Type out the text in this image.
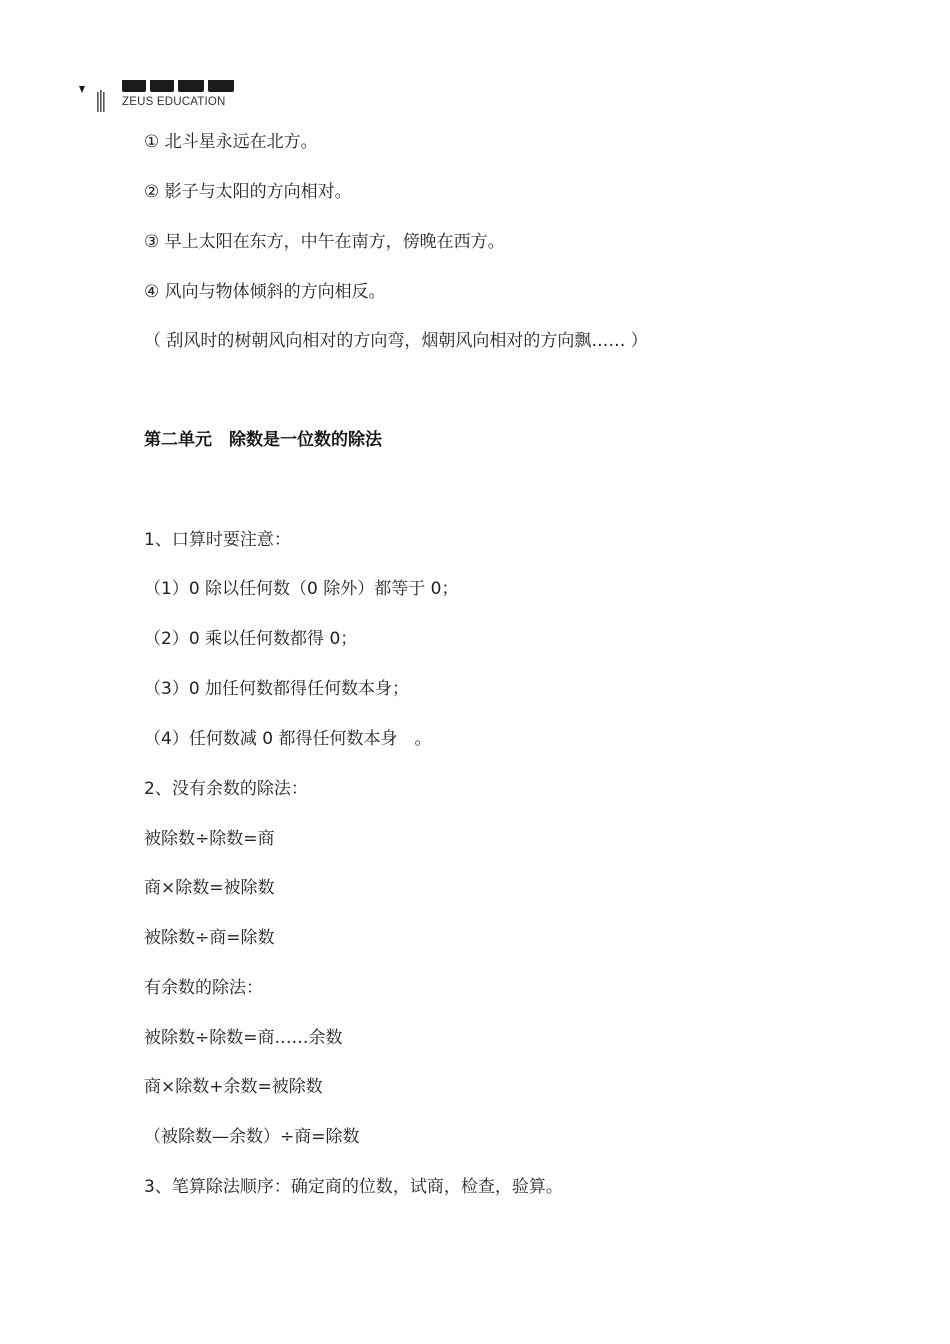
ZEUS EDUCATION
① 北斗星永远在北方。
② 影子与太阳的方向相对。
③ 早上太阳在东方，中午在南方，傍晚在西方。
④ 风向与物体倾斜的方向相反。
（ 刮风时的树朝风向相对的方向弯，烟朝风向相对的方向飘…… ）
第二单元　除数是一位数的除法
1、口算时要注意：
（1）0 除以任何数（0 除外）都等于 0；
（2）0 乘以任何数都得 0；
（3）0 加任何数都得任何数本身；
（4）任何数减 0 都得任何数本身　。
2、没有余数的除法：
被除数÷除数=商
商×除数=被除数
被除数÷商=除数
有余数的除法：
被除数÷除数=商……余数
商×除数+余数=被除数
（被除数—余数）÷商=除数
3、笔算除法顺序：确定商的位数，试商，检查，验算。
